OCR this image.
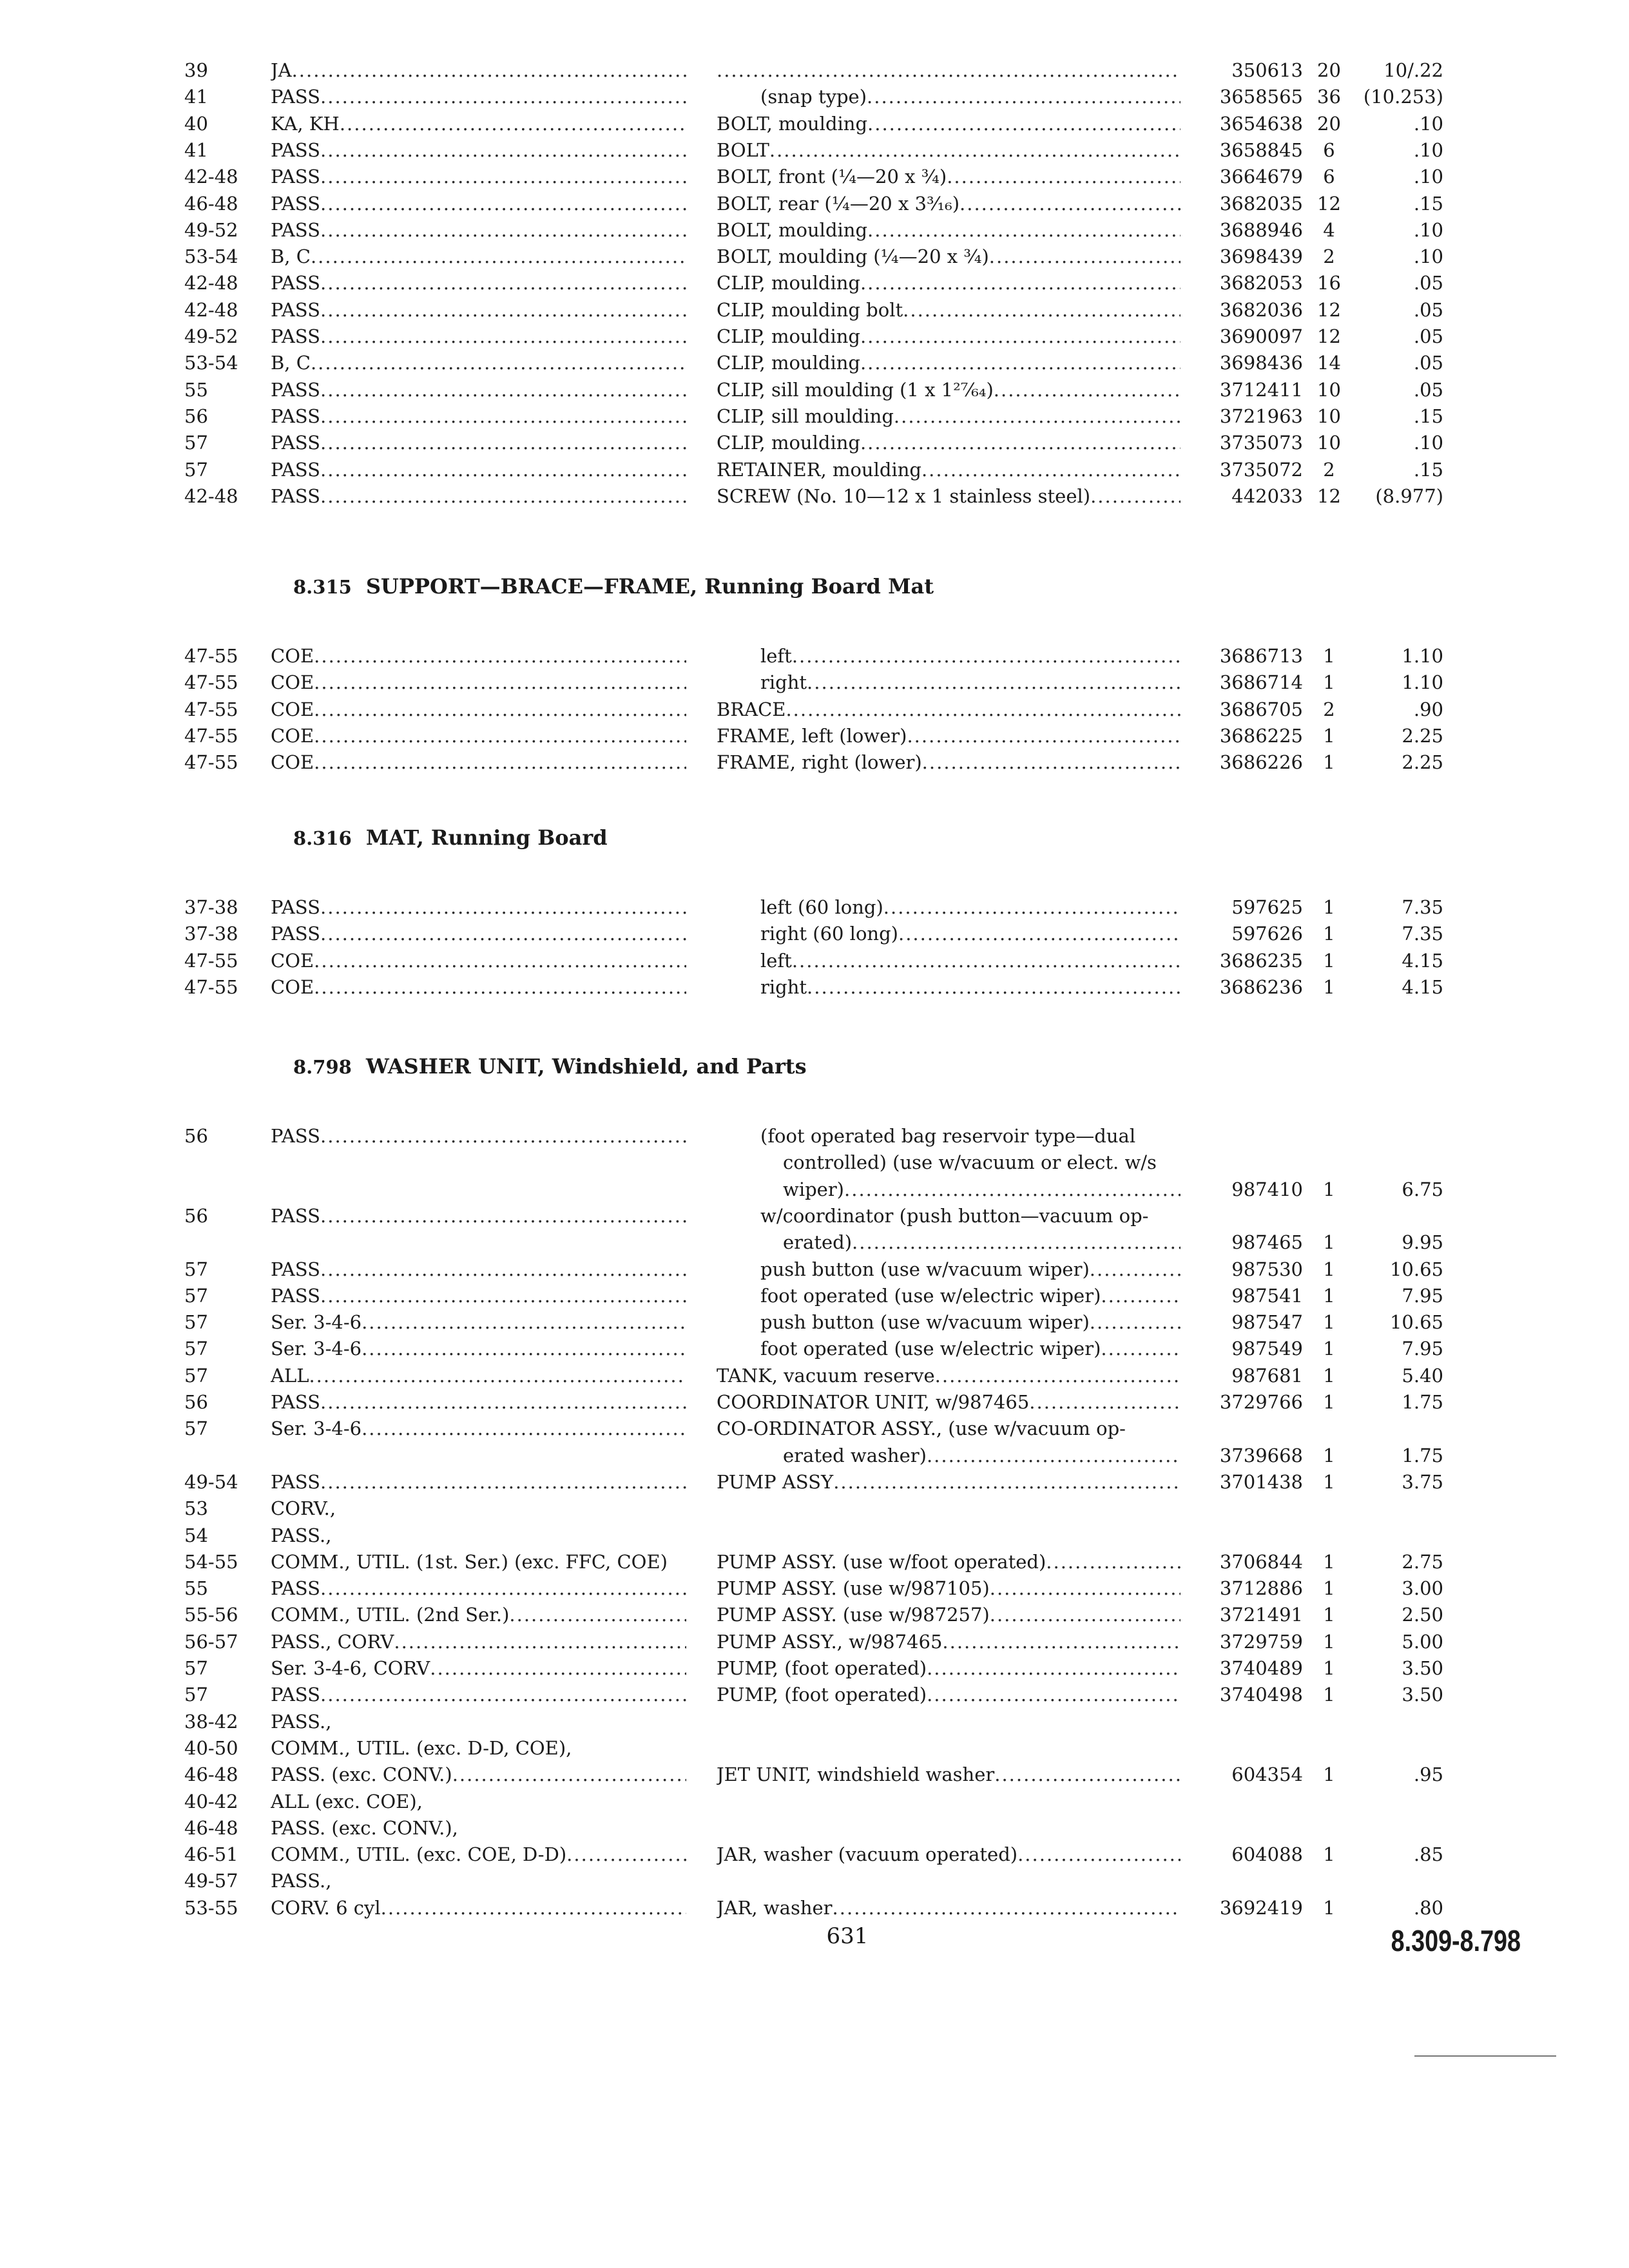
39	JA ..... .....	350613 20	10/.22
41	PASS .....	(snap type) .....	3658565 36	(10.253)
40	KA, KH .....	BOLT, moulding .....	3654638 20	.10
41	PASS .....	BOLT .....	3658845	6	.10
42-48	PASS .....	BOLT, front (¼—20 x ¾) .....	3664679	6	.10
46-48	PASS .....	BOLT, rear (¼—20 x 3³⁄₁₆) .....	3682035 12	.15
49-52	PASS .....	BOLT, moulding .....	3688946	4	.10
53-54	B, C .....	BOLT, moulding (¼—20 x ¾) .....	3698439	2	.10
42-48	PASS .....	CLIP, moulding .....	3682053 16	.05
42-48	PASS .....	CLIP, moulding bolt .....	3682036 12	.05
49-52	PASS .....	CLIP, moulding .....	3690097 12	.05
53-54	B, C .....	CLIP, moulding .....	3698436 14	.05
55	PASS .....	CLIP, sill moulding (1 x 1²⁷⁄₆₄) .....	3712411 10	.05
56	PASS .....	CLIP, sill moulding .....	3721963 10	.15
57	PASS .....	CLIP, moulding .....	3735073 10	.10
57	PASS .....	RETAINER, moulding .....	3735072	2	.15
42-48	PASS .....	SCREW (No. 10—12 x 1 stainless steel) .....	442033 12	(8.977)
8.315 SUPPORT—BRACE—FRAME, Running Board Mat
47-55	COE .....	left .....	3686713	1	1.10
47-55	COE .....	right .....	3686714	1	1.10
47-55	COE .....	BRACE .....	3686705	2	.90
47-55	COE .....	FRAME, left (lower) .....	3686225	1	2.25
47-55	COE .....	FRAME, right (lower) .....	3686226	1	2.25
8.316 MAT, Running Board
37-38	PASS .....	left (60 long) .....	597625	1	7.35
37-38	PASS .....	right (60 long) .....	597626	1	7.35
47-55	COE .....	left .....	3686235	1	4.15
47-55	COE .....	right .....	3686236	1	4.15
8.798 WASHER UNIT, Windshield, and Parts
56	PASS .....	(foot operated bag reservoir type—dual
controlled) (use w/vacuum or elect. w/s
wiper) .....	987410	1	6.75
56	PASS .....	w/coordinator (push button—vacuum op-
erated) .....	987465	1	9.95
57	PASS .....	push button (use w/vacuum wiper) .....	987530	1	10.65
57	PASS .....	foot operated (use w/electric wiper) .....	987541	1	7.95
57	Ser. 3-4-6 .....	push button (use w/vacuum wiper) .....	987547	1	10.65
57	Ser. 3-4-6 .....	foot operated (use w/electric wiper) .....	987549	1	7.95
57	ALL .....	TANK, vacuum reserve .....	987681	1	5.40
56	PASS .....	COORDINATOR UNIT, w/987465 .....	3729766	1	1.75
57	Ser. 3-4-6 .....	CO-ORDINATOR ASSY., (use w/vacuum op-
erated washer) .....	3739668	1	1.75
49-54	PASS .....	PUMP ASSY .....	3701438	1	3.75
53	CORV.,
54	PASS.,
54-55	COMM., UTIL. (1st. Ser.) (exc. FFC, COE)	PUMP ASSY. (use w/foot operated) .....	3706844	1	2.75
55	PASS .....	PUMP ASSY. (use w/987105) .....	3712886	1	3.00
55-56	COMM., UTIL. (2nd Ser.) .....	PUMP ASSY. (use w/987257) .....	3721491	1	2.50
56-57	PASS., CORV .....	PUMP ASSY., w/987465 .....	3729759	1	5.00
57	Ser. 3-4-6, CORV .....	PUMP, (foot operated) .....	3740489	1	3.50
57	PASS .....	PUMP, (foot operated) .....	3740498	1	3.50
38-42	PASS.,
40-50	COMM., UTIL. (exc. D-D, COE),
46-48	PASS. (exc. CONV.) .....	JET UNIT, windshield washer .....	604354	1	.95
40-42	ALL (exc. COE),
46-48	PASS. (exc. CONV.),
46-51	COMM., UTIL. (exc. COE, D-D) .....	JAR, washer (vacuum operated) .....	604088	1	.85
49-57	PASS.,
53-55	CORV. 6 cyl .....	JAR, washer .....	3692419	1	.80
631	8.309-8.798
